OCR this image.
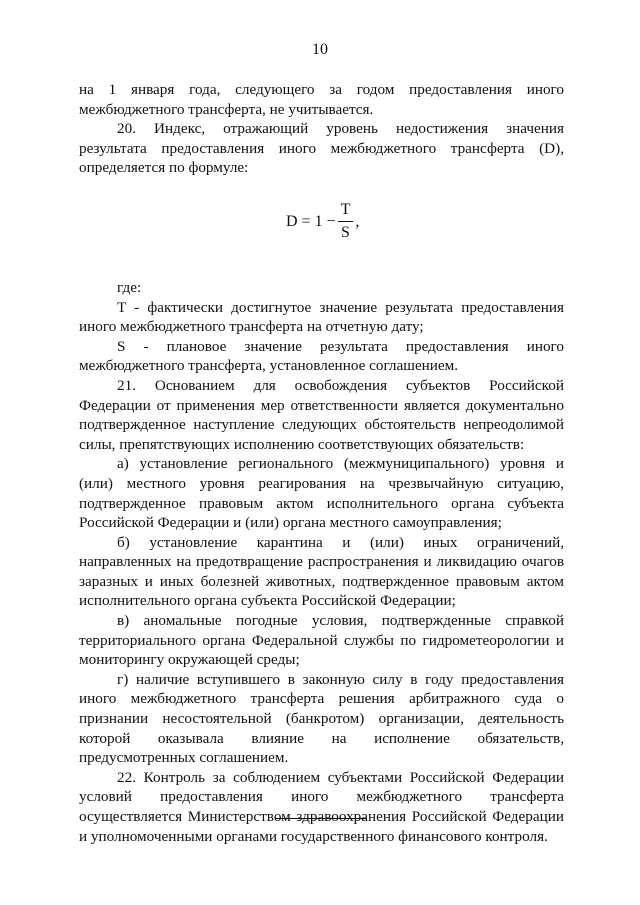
10

на 1 января года, следующего за годом предоставления иного межбюджетного трансферта, не учитывается.

20. Индекс, отражающий уровень недостижения значения результата предоставления иного межбюджетного трансферта (D), определяется по формуле:

$D = 1 - \frac{T}{S}$ ,

где:

T - фактически достигнутое значение результата предоставления иного межбюджетного трансферта на отчетную дату;

S - плановое значение результата предоставления иного межбюджетного трансферта, установленное соглашением.

21. Основанием для освобождения субъектов Российской Федерации от применения мер ответственности является документально подтвержденное наступление следующих обстоятельств непреодолимой силы, препятствующих исполнению соответствующих обязательств:

а) установление регионального (межмуниципального) уровня и (или) местного уровня реагирования на чрезвычайную ситуацию, подтвержденное правовым актом исполнительного органа субъекта Российской Федерации и (или) органа местного самоуправления;

б) установление карантина и (или) иных ограничений, направленных на предотвращение распространения и ликвидацию очагов заразных и иных болезней животных, подтвержденное правовым актом исполнительного органа субъекта Российской Федерации;

в) аномальные погодные условия, подтвержденные справкой территориального органа Федеральной службы по гидрометеорологии и мониторингу окружающей среды;

г) наличие вступившего в законную силу в году предоставления иного межбюджетного трансферта решения арбитражного суда о признании несостоятельной (банкротом) организации, деятельность которой оказывала влияние на исполнение обязательств, предусмотренных соглашением.

22. Контроль за соблюдением субъектами Российской Федерации условий предоставления иного межбюджетного трансферта осуществляется Министерством здравоохранения Российской Федерации и уполномоченными органами государственного финансового контроля.
